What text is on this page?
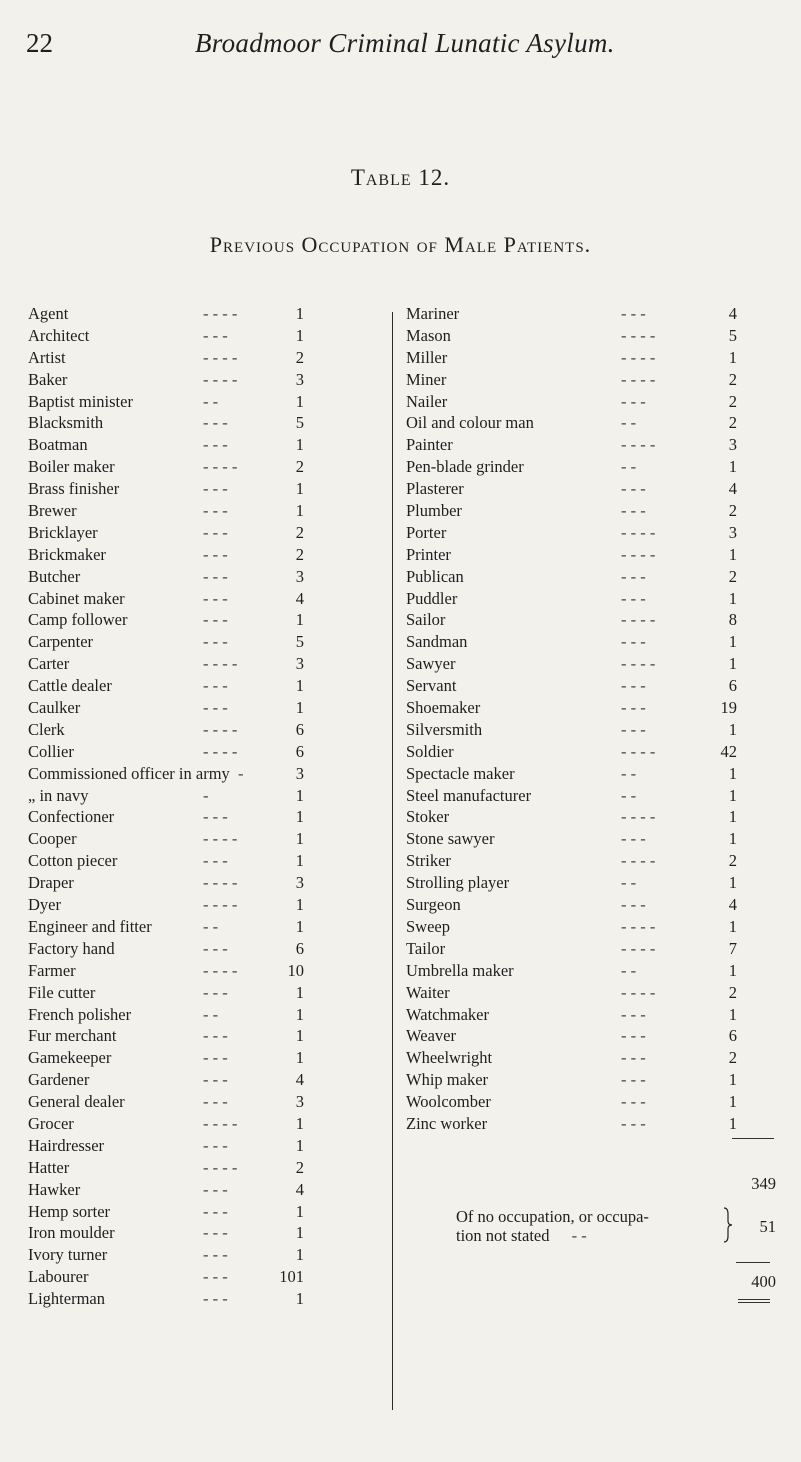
22	Broadmoor Criminal Lunatic Asylum.
Table 12.
Previous Occupation of Male Patients.
Agent	- - - -	1
Architect	- - -	1
Artist	- - - -	2
Baker	- - - -	3
Baptist minister	- -	1
Blacksmith	- - -	5
Boatman	- - -	1
Boiler maker	- - - -	2
Brass finisher	- - -	1
Brewer	- - -	1
Bricklayer	- - -	2
Brickmaker	- - -	2
Butcher	- - -	3
Cabinet maker	- - -	4
Camp follower	- - -	1
Carpenter	- - -	5
Carter	- - - -	3
Cattle dealer	- - -	1
Caulker	- - -	1
Clerk	- - - -	6
Collier	- - - -	6
Commissioned officer in army -	3
„ in navy	-	1
Confectioner	- - -	1
Cooper	- - - -	1
Cotton piecer	- - -	1
Draper	- - - -	3
Dyer	- - - -	1
Engineer and fitter	- -	1
Factory hand	- - -	6
Farmer	- - - -	10
File cutter	- - -	1
French polisher	- -	1
Fur merchant	- - -	1
Gamekeeper	- - -	1
Gardener	- - -	4
General dealer	- - -	3
Grocer	- - - -	1
Hairdresser	- - -	1
Hatter	- - - -	2
Hawker	- - -	4
Hemp sorter	- - -	1
Iron moulder	- - -	1
Ivory turner	- - -	1
Labourer	- - -	101
Lighterman	- - -	1
Mariner	- - -	4
Mason	- - - -	5
Miller	- - - -	1
Miner	- - - -	2
Nailer	- - -	2
Oil and colour man	- -	2
Painter	- - - -	3
Pen-blade grinder	- -	1
Plasterer	- - -	4
Plumber	- - -	2
Porter	- - - -	3
Printer	- - - -	1
Publican	- - -	2
Puddler	- - -	1
Sailor	- - - -	8
Sandman	- - -	1
Sawyer	- - - -	1
Servant	- - -	6
Shoemaker	- - -	19
Silversmith	- - -	1
Soldier	- - - -	42
Spectacle maker	- -	1
Steel manufacturer	- -	1
Stoker	- - - -	1
Stone sawyer	- - -	1
Striker	- - - -	2
Strolling player	- -	1
Surgeon	- - -	4
Sweep	- - - -	1
Tailor	- - - -	7
Umbrella maker	- -	1
Waiter	- - - -	2
Watchmaker	- - -	1
Weaver	- - -	6
Wheelwright	- - -	2
Whip maker	- - -	1
Woolcomber	- - -	1
Zinc worker	- - -	1
349
Of no occupation, or occupa-
tion not stated - -	51
400
